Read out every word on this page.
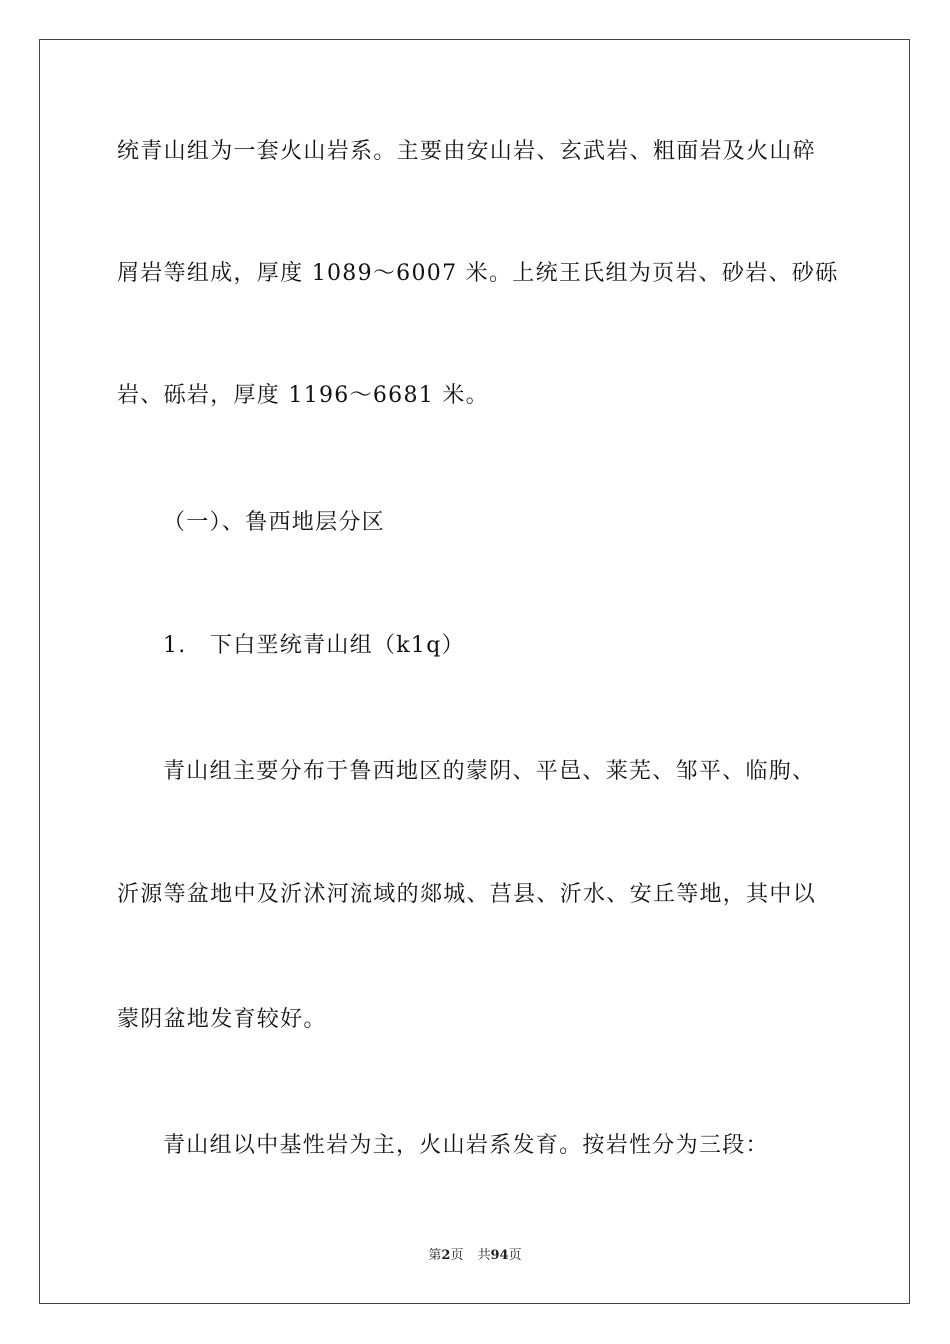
统青山组为一套火山岩系。主要由安山岩、玄武岩、粗面岩及火山碎
屑岩等组成，厚度 1089～6007 米。上统王氏组为页岩、砂岩、砂砾
岩、砾岩，厚度 1196～6681 米。
（一）、鲁西地层分区
1.　下白垩统青山组（k1q）
青山组主要分布于鲁西地区的蒙阴、平邑、莱芜、邹平、临朐、
沂源等盆地中及沂沭河流域的郯城、莒县、沂水、安丘等地，其中以
蒙阴盆地发育较好。
青山组以中基性岩为主，火山岩系发育。按岩性分为三段：
第2页 共94页
